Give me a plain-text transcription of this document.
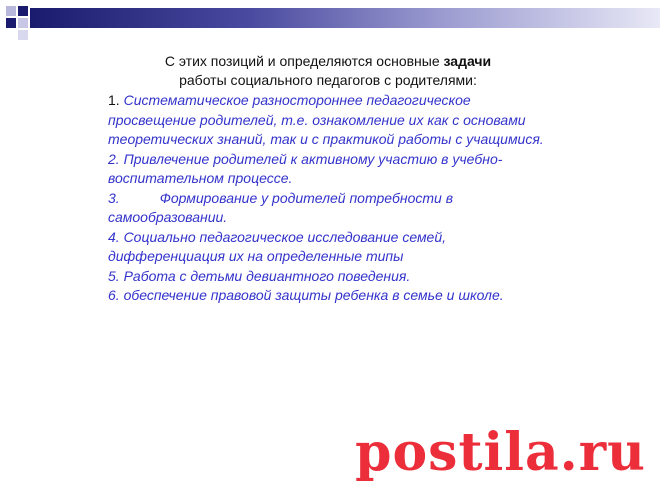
С этих позиций и определяются основные задачи
работы социального педагогов с родителями:

1. Систематическое разностороннее педагогическое просвещение родителей, т.е. ознакомление их как с основами теоретических знаний, так и с практикой работы с учащимися.
2. Привлечение родителей к активному участию в учебно-воспитательном процессе.
3.	Формирование у родителей потребности в самообразовании.
4. Социально педагогическое исследование семей, дифференциация их на определенные типы
5. Работа с детьми девиантного поведения.
6. обеспечение правовой защиты ребенка в семье и школе.

postila.ru
